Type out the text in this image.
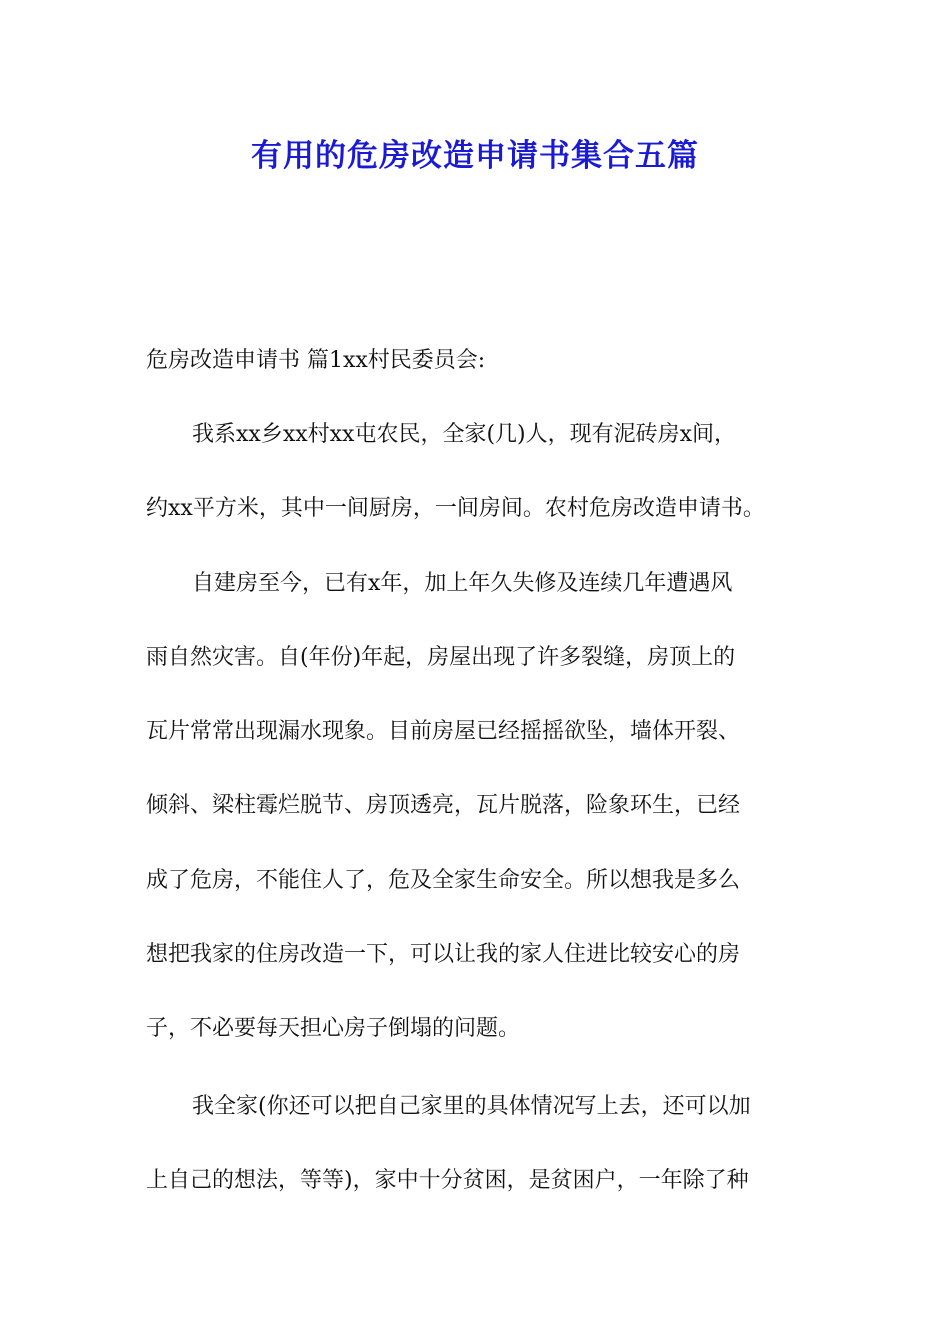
有用的危房改造申请书集合五篇

危房改造申请书 篇1xx村民委员会:

我系xx乡xx村xx屯农民，全家(几)人，现有泥砖房x间，

约xx平方米，其中一间厨房，一间房间。农村危房改造申请书。

自建房至今，已有x年，加上年久失修及连续几年遭遇风

雨自然灾害。自(年份)年起，房屋出现了许多裂缝，房顶上的

瓦片常常出现漏水现象。目前房屋已经摇摇欲坠，墙体开裂、

倾斜、梁柱霉烂脱节、房顶透亮，瓦片脱落，险象环生，已经

成了危房，不能住人了，危及全家生命安全。所以想我是多么

想把我家的住房改造一下，可以让我的家人住进比较安心的房

子，不必要每天担心房子倒塌的问题。

我全家(你还可以把自己家里的具体情况写上去，还可以加

上自己的想法，等等)，家中十分贫困，是贫困户，一年除了种
